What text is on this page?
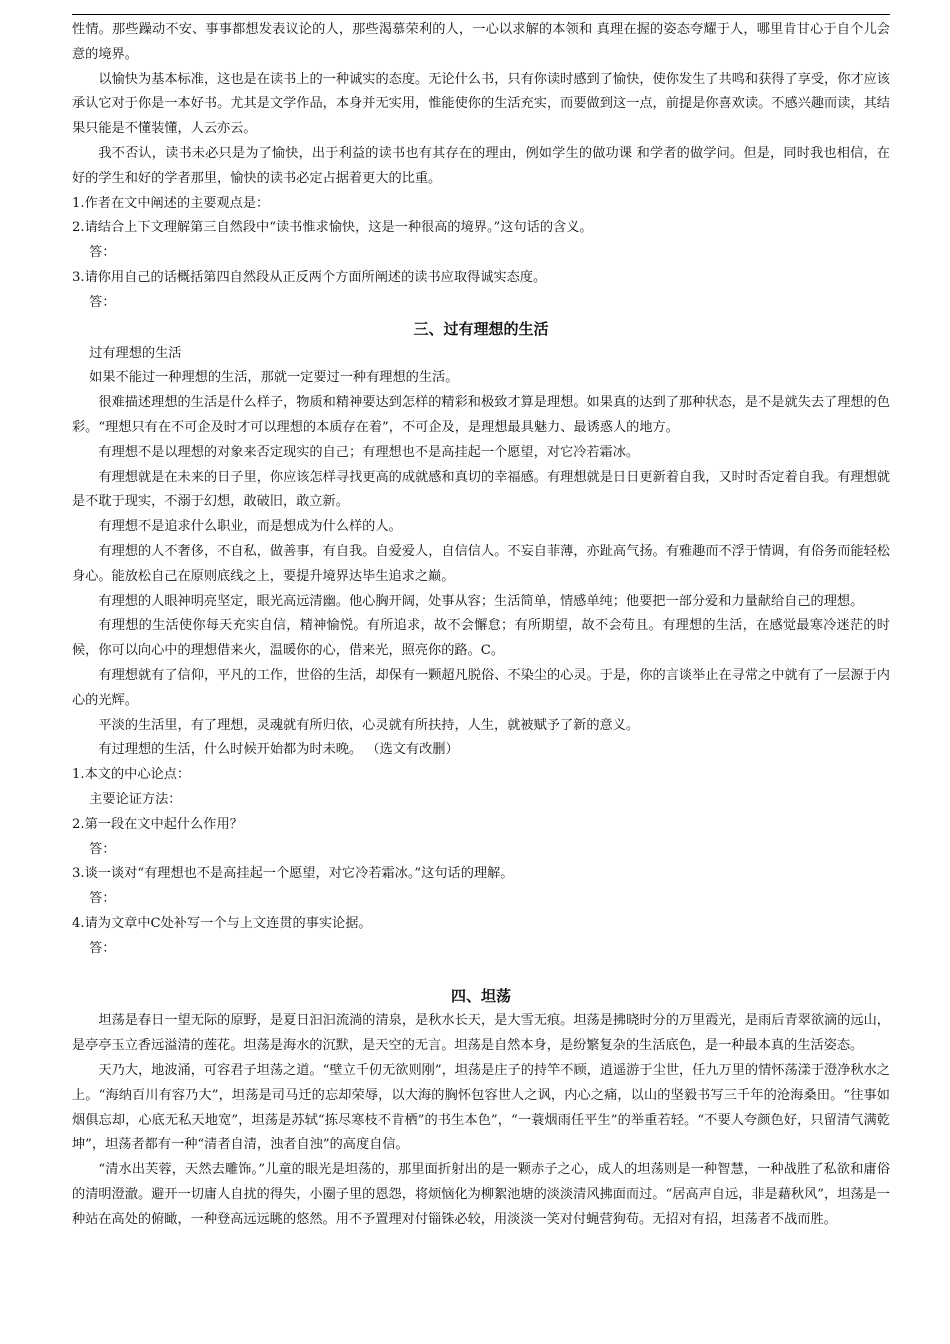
性情。那些躁动不安、事事都想发表议论的人，那些渴慕荣利的人，一心以求解的本领和 真理在握的姿态夸耀于人，哪里肯甘心于自个儿会意的境界。

以愉快为基本标准，这也是在读书上的一种诚实的态度。无论什么书，只有你读时感到了愉快，使你发生了共鸣和获得了享受，你才应该承认它对于你是一本好书。尤其是文学作品，本身并无实用，惟能使你的生活充实，而要做到这一点，前提是你喜欢读。不感兴趣而读，其结果只能是不懂装懂，人云亦云。

我不否认，读书未必只是为了愉快，出于利益的读书也有其存在的理由，例如学生的做功课 和学者的做学问。但是，同时我也相信，在好的学生和好的学者那里，愉快的读书必定占据着更大的比重。

1.作者在文中阐述的主要观点是：

2.请结合上下文理解第三自然段中“读书惟求愉快，这是一种很高的境界。”这句话的含义。

答：

3.请你用自己的话概括第四自然段从正反两个方面所阐述的读书应取得诚实态度。

答：

三、过有理想的生活

过有理想的生活

如果不能过一种理想的生活，那就一定要过一种有理想的生活。

很难描述理想的生活是什么样子，物质和精神要达到怎样的精彩和极致才算是理想。如果真的达到了那种状态，是不是就失去了理想的色彩。“理想只有在不可企及时才可以理想的本质存在着”，不可企及，是理想最具魅力、最诱惑人的地方。

有理想不是以理想的对象来否定现实的自己；有理想也不是高挂起一个愿望，对它冷若霜冰。

有理想就是在未来的日子里，你应该怎样寻找更高的成就感和真切的幸福感。有理想就是日日更新着自我，又时时否定着自我。有理想就是不耽于现实，不溺于幻想，敢破旧，敢立新。

有理想不是追求什么职业，而是想成为什么样的人。

有理想的人不奢侈，不自私，做善事，有自我。自爱爱人，自信信人。不妄自菲薄，亦趾高气扬。有雅趣而不浮于情调，有俗务而能轻松身心。能放松自己在原则底线之上，要提升境界达毕生追求之巅。

有理想的人眼神明亮坚定，眼光高远清幽。他心胸开阔，处事从容；生活简单，情感单纯；他要把一部分爱和力量献给自己的理想。

有理想的生活使你每天充实自信，精神愉悦。有所追求，故不会懈怠；有所期望，故不会苟且。有理想的生活，在感觉最寒冷迷茫的时候，你可以向心中的理想借来火，温暖你的心，借来光，照亮你的路。C。

有理想就有了信仰，平凡的工作，世俗的生活，却保有一颗超凡脱俗、不染尘的心灵。于是，你的言谈举止在寻常之中就有了一层源于内心的光辉。

平淡的生活里，有了理想，灵魂就有所归依，心灵就有所扶持，人生，就被赋予了新的意义。

有过理想的生活，什么时候开始都为时未晚。 （选文有改删）

1.本文的中心论点：

主要论证方法：

2.第一段在文中起什么作用？

答：

3.谈一谈对“有理想也不是高挂起一个愿望，对它冷若霜冰。”这句话的理解。

答：

4.请为文章中C处补写一个与上文连贯的事实论据。

答：

四、坦荡

坦荡是春日一望无际的原野，是夏日汩汩流淌的清泉，是秋水长天，是大雪无痕。坦荡是拂晓时分的万里霞光，是雨后青翠欲滴的远山，是亭亭玉立香远溢清的莲花。坦荡是海水的沉默，是天空的无言。坦荡是自然本身，是纷繁复杂的生活底色，是一种最本真的生活姿态。

天乃大，地波涌，可容君子坦荡之道。“壁立千仞无欲则刚”，坦荡是庄子的持竿不顾，逍遥游于尘世，任九万里的情怀荡漾于澄净秋水之上。“海纳百川有容乃大”，坦荡是司马迁的忘却荣辱，以大海的胸怀包容世人之讽，内心之痛，以山的坚毅书写三千年的沧海桑田。“往事如烟俱忘却，心底无私天地宽”，坦荡是苏轼“拣尽寒枝不肯栖”的书生本色”，“一蓑烟雨任平生”的举重若轻。“不要人夸颜色好，只留清气满乾坤”，坦荡者都有一种“清者自清，浊者自浊”的高度自信。

“清水出芙蓉，天然去雕饰。”儿童的眼光是坦荡的，那里面折射出的是一颗赤子之心，成人的坦荡则是一种智慧，一种战胜了私欲和庸俗的清明澄澈。避开一切庸人自扰的得失，小圈子里的恩怨，将烦恼化为柳絮池塘的淡淡清风拂面而过。“居高声自远，非是藉秋风”，坦荡是一种站在高处的俯瞰，一种登高远远眺的悠然。用不予置理对付锱铢必较，用淡淡一笑对付蝇营狗苟。无招对有招，坦荡者不战而胜。
